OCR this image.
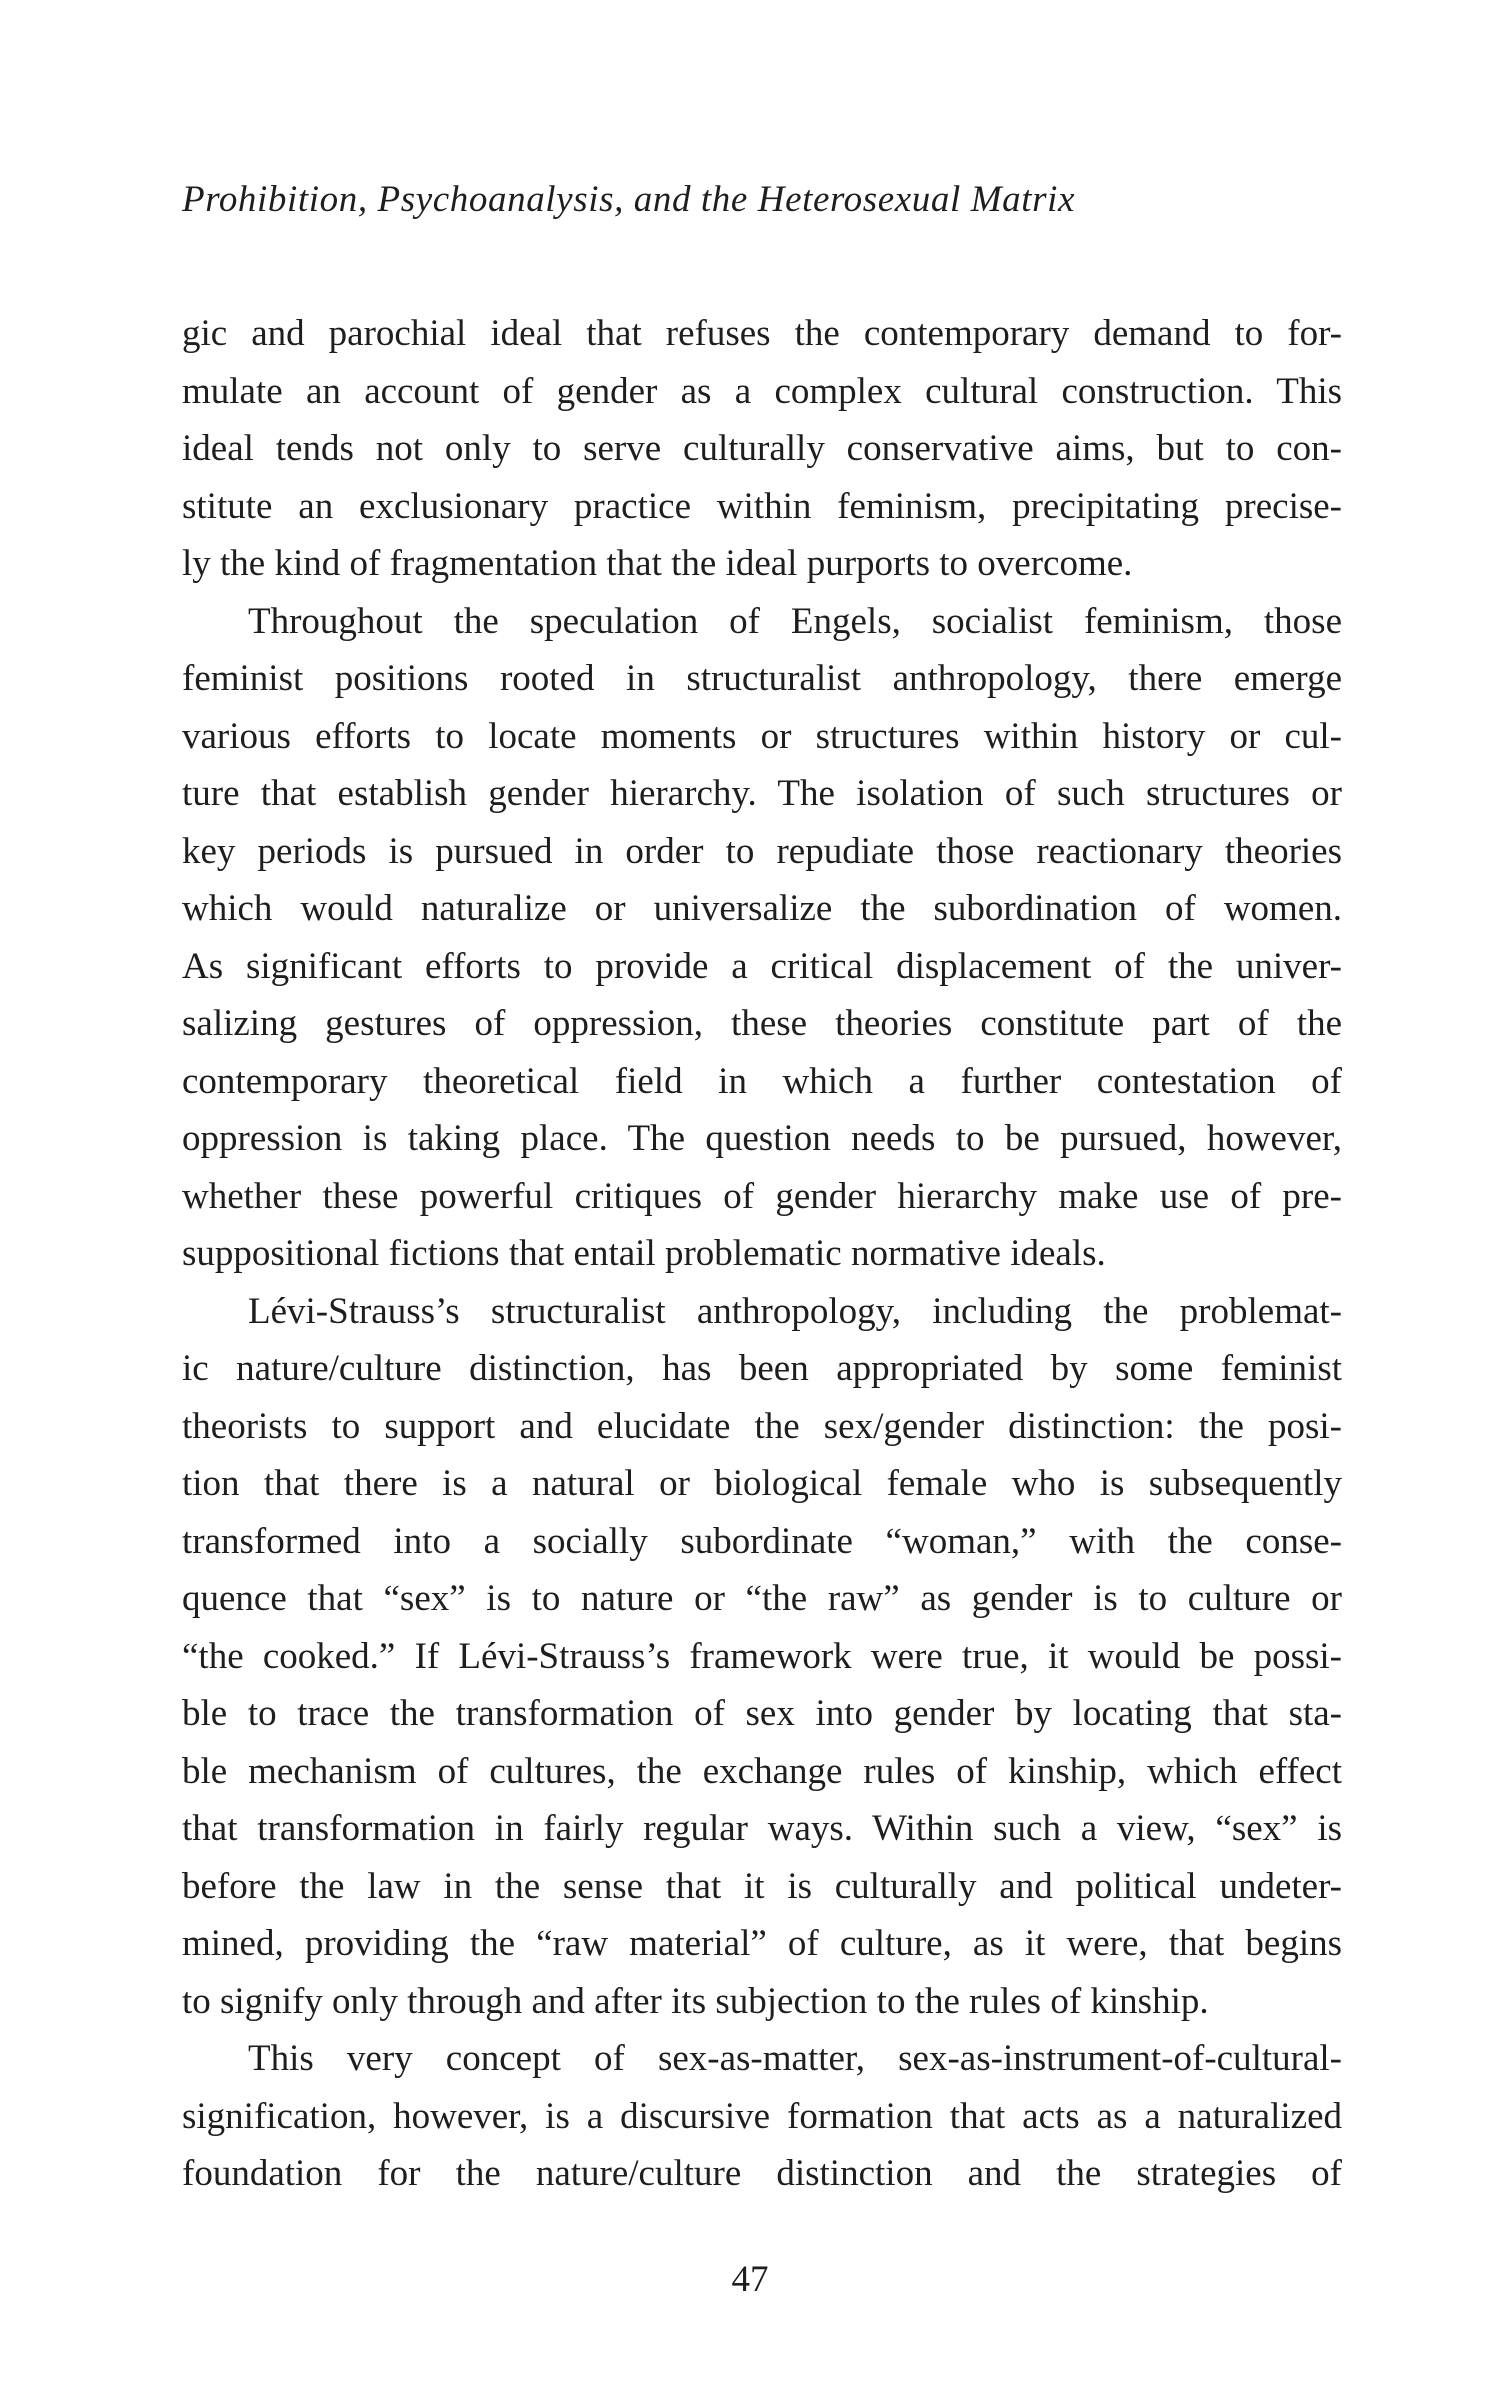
Prohibition, Psychoanalysis, and the Heterosexual Matrix
gic and parochial ideal that refuses the contemporary demand to for-
mulate an account of gender as a complex cultural construction. This
ideal tends not only to serve culturally conservative aims, but to con-
stitute an exclusionary practice within feminism, precipitating precise-
ly the kind of fragmentation that the ideal purports to overcome.
Throughout the speculation of Engels, socialist feminism, those
feminist positions rooted in structuralist anthropology, there emerge
various efforts to locate moments or structures within history or cul-
ture that establish gender hierarchy. The isolation of such structures or
key periods is pursued in order to repudiate those reactionary theories
which would naturalize or universalize the subordination of women.
As significant efforts to provide a critical displacement of the univer-
salizing gestures of oppression, these theories constitute part of the
contemporary theoretical field in which a further contestation of
oppression is taking place. The question needs to be pursued, however,
whether these powerful critiques of gender hierarchy make use of pre-
suppositional fictions that entail problematic normative ideals.
Lévi-Strauss’s structuralist anthropology, including the problemat-
ic nature/culture distinction, has been appropriated by some feminist
theorists to support and elucidate the sex/gender distinction: the posi-
tion that there is a natural or biological female who is subsequently
transformed into a socially subordinate “woman,” with the conse-
quence that “sex” is to nature or “the raw” as gender is to culture or
“the cooked.” If Lévi-Strauss’s framework were true, it would be possi-
ble to trace the transformation of sex into gender by locating that sta-
ble mechanism of cultures, the exchange rules of kinship, which effect
that transformation in fairly regular ways. Within such a view, “sex” is
before the law in the sense that it is culturally and political undeter-
mined, providing the “raw material” of culture, as it were, that begins
to signify only through and after its subjection to the rules of kinship.
This very concept of sex-as-matter, sex-as-instrument-of-cultural-
signification, however, is a discursive formation that acts as a naturalized
foundation for the nature/culture distinction and the strategies of
47
